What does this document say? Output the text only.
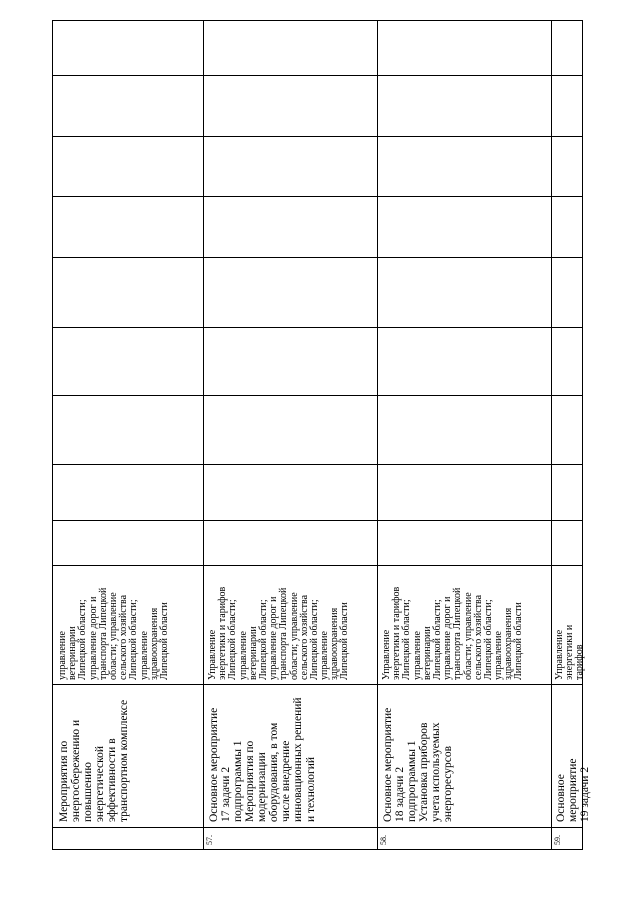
Мероприятия по
энергосбережению и
повышению
энергетической
эффективности в
транспортном комплексе
управление
ветеринарии
Липецкой области;
управление дорог и
транспорта Липецкой
области; управление
сельского хозяйства
Липецкой области;
управление
здравоохранения
Липецкой области
57.
Основное мероприятие
17 задачи 2
подпрограммы 1
Мероприятия по
модернизации
оборудования, в том
числе внедрение
инновационных решений
и технологий
Управление
энергетики и тарифов
Липецкой области;
управление
ветеринарии
Липецкой области;
управление дорог и
транспорта Липецкой
области; управление
сельского хозяйства
Липецкой области;
управление
здравоохранения
Липецкой области
58.
Основное мероприятие
18 задачи 2
подпрограммы 1
Установка приборов
учета используемых
энергоресурсов
Управление
энергетики и тарифов
Липецкой области;
управление
ветеринарии
Липецкой области;
управление дорог и
транспорта Липецкой
области; управление
сельского хозяйства
Липецкой области;
управление
здравоохранения
Липецкой области
59.
Основное мероприятие
19 задачи 2
Управление
энергетики и тарифов
